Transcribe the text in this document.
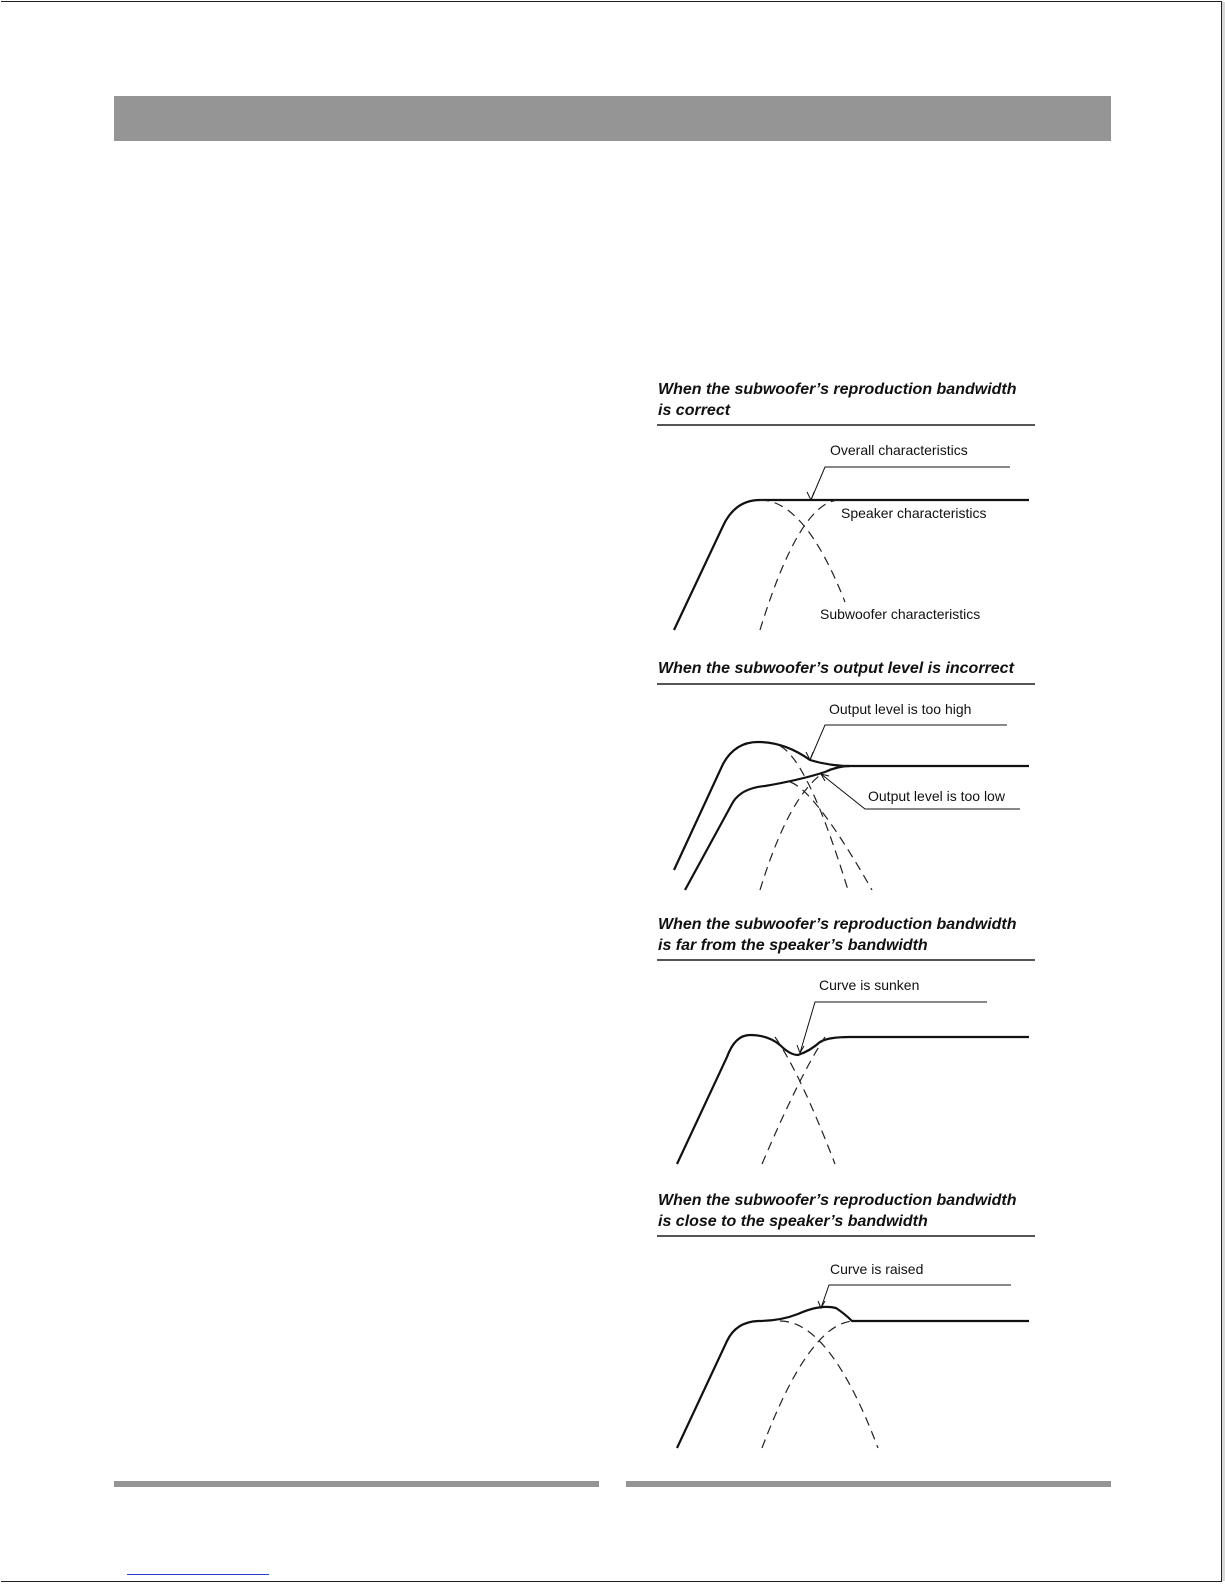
When the subwoofer’s reproduction bandwidth
is correct
Overall characteristics
Speaker characteristics
Subwoofer characteristics
When the subwoofer’s output level is incorrect
Output level is too high
Output level is too low
When the subwoofer’s reproduction bandwidth
is far from the speaker’s bandwidth
Curve is sunken
When the subwoofer’s reproduction bandwidth
is close to the speaker’s bandwidth
Curve is raised
